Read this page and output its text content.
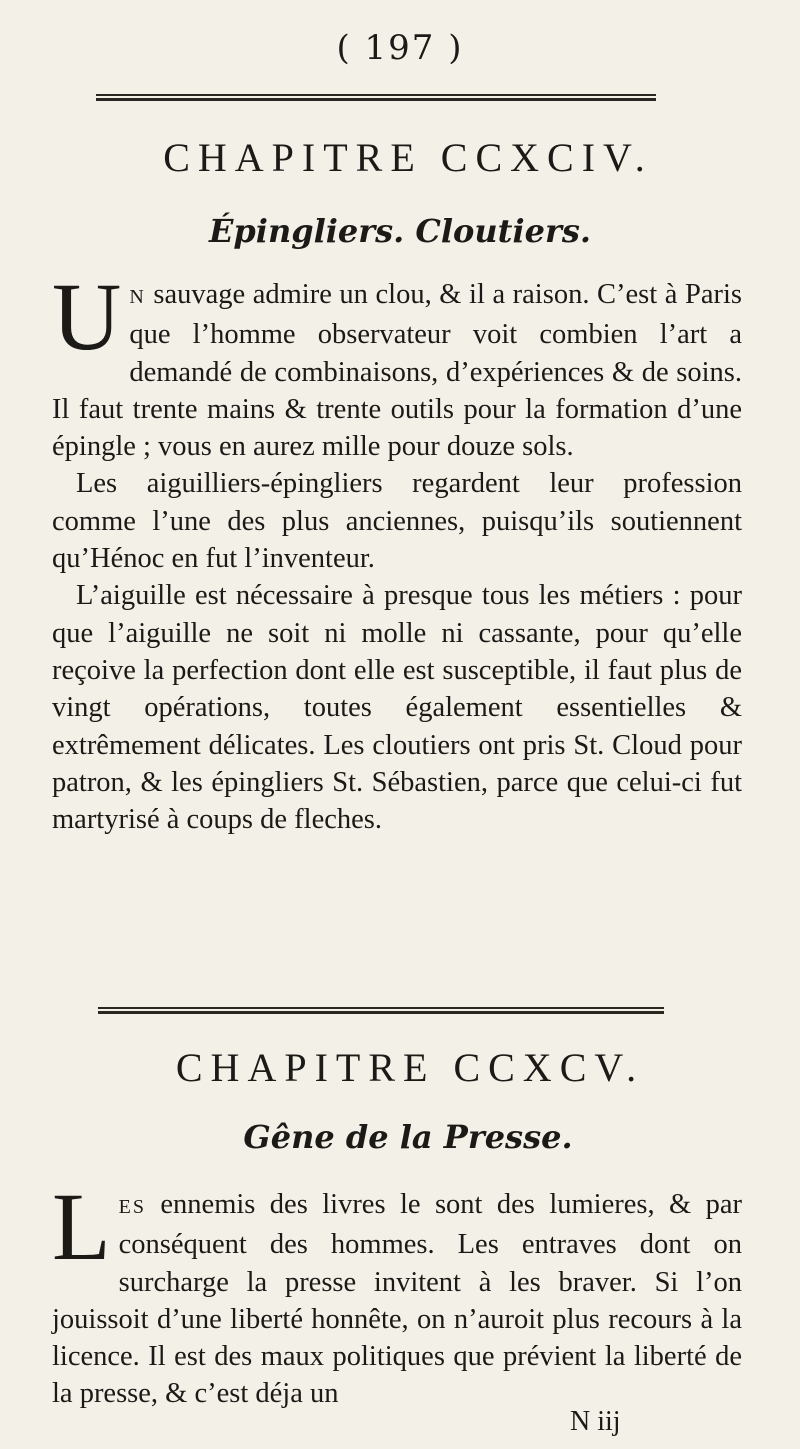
( 197 )
CHAPITRE CCXCIV.
Épingliers. Cloutiers.

U N sauvage admire un clou, & il a raison. C’est à Paris que l’homme observateur voit combien l’art a demandé de combinaisons, d’expériences & de soins. Il faut trente mains & trente outils pour la formation d’une épingle ; vous en aurez mille pour douze sols.

Les aiguilliers-épingliers regardent leur profession comme l’une des plus anciennes, puisqu’ils soutiennent qu’Hénoc en fut l’inventeur.

L’aiguille est nécessaire à presque tous les métiers : pour que l’aiguille ne soit ni molle ni cassante, pour qu’elle reçoive la perfection dont elle est susceptible, il faut plus de vingt opérations, toutes également essentielles & extrêmement délicates. Les cloutiers ont pris St. Cloud pour patron, & les épingliers St. Sébastien, parce que celui-ci fut martyrisé à coups de fleches.

CHAPITRE CCXCV.
Gêne de la Presse.

LES ennemis des livres le sont des lumieres, & par conséquent des hommes. Les entraves dont on surcharge la presse invitent à les braver. Si l’on jouissoit d’une liberté honnête, on n’auroit plus recours à la licence. Il est des maux politiques que prévient la liberté de la presse, & c’est déja un

N iij
